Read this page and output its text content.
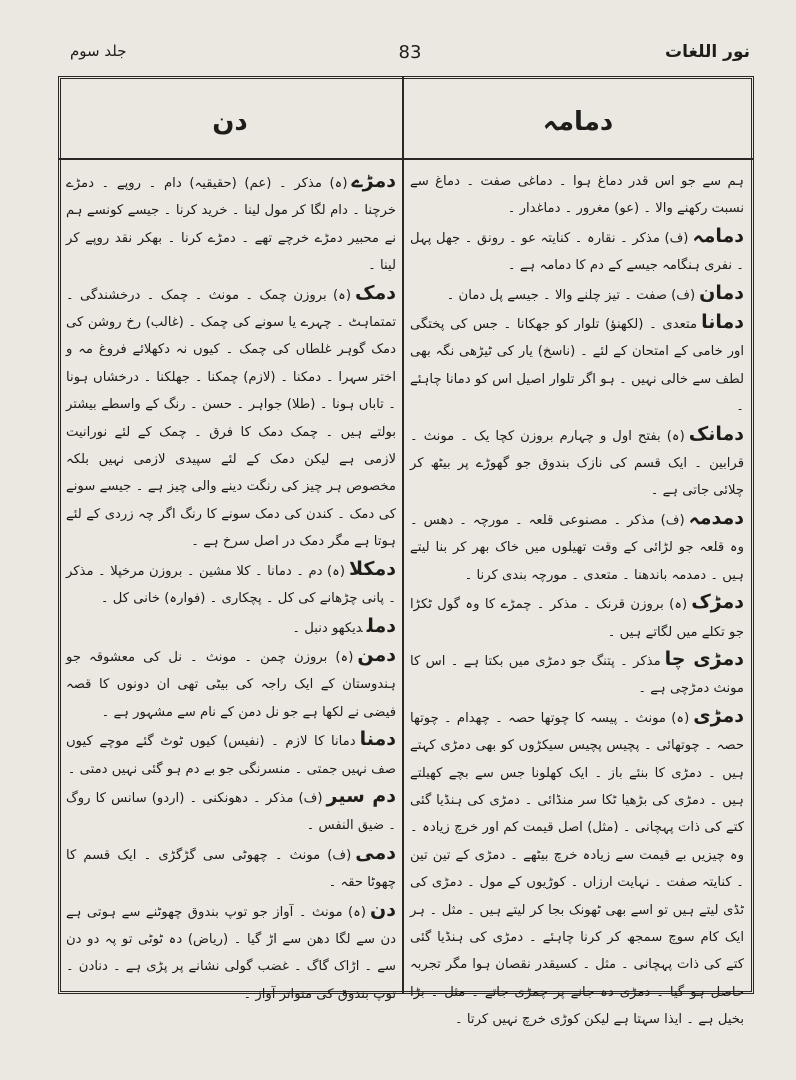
نور اللغات
83
جلد سوم
دمامہ
دن

ہم سے جو اس قدر دماغ ہوا ۔ دماغی صفت ۔ دماغ سے نسبت رکھنے والا ۔ (عو) مغرور ۔ دماغدار ۔

دمامہ(ف) مذکر ۔ نقارہ ۔ کنایتہ عو ۔ رونق ۔ جھل پہل ۔ نفری ہنگامہ جیسے کے دم کا دمامہ ہے ۔

دمان(ف) صفت ۔ تیز چلنے والا ۔ جیسے پل دمان ۔

دمانامتعدی ۔ (لکھنؤ) تلوار کو جھکانا ۔ جس کی پختگی اور خامی کے امتحان کے لئے ۔ (ناسخ) یار کی ٹیڑھی نگہ بھی لطف سے خالی نہیں ۔ ہو اگر تلوار اصیل اس کو دمانا چاہئے ۔

دمانک(ہ) بفتح اول و چہارم بروزن کچا یک ۔ مونث ۔ قرابین ۔ ایک قسم کی نازک بندوق جو گھوڑے پر بیٹھ کر چلائی جاتی ہے ۔

دمدمہ(ف) مذکر ۔ مصنوعی قلعہ ۔ مورچہ ۔ دھس ۔ وہ قلعہ جو لڑائی کے وقت تھیلوں میں خاک بھر کر بنا لیتے ہیں ۔ دمدمہ باندھنا ۔ متعدی ۔ مورچہ بندی کرنا ۔

دمڑک(ہ) بروزن قرنک ۔ مذکر ۔ چمڑے کا وہ گول ٹکڑا جو تکلے میں لگاتے ہیں ۔

دمڑی چامذکر ۔ پتنگ جو دمڑی میں بکتا ہے ۔ اس کا مونث دمڑچی ہے ۔

دمڑی(ہ) مونث ۔ پیسہ کا چوتھا حصہ ۔ چھدام ۔ چوتھا حصہ ۔ چوتھائی ۔ پچیس پچیس سیکڑوں کو بھی دمڑی کہتے ہیں ۔ دمڑی کا بنئے باز ۔ ایک کھلونا جس سے بچے کھیلتے ہیں ۔ دمڑی کی بڑھیا ٹکا سر منڈائی ۔ دمڑی کی ہنڈیا گئی کتے کی ذات پہچانی ۔ (مثل) اصل قیمت کم اور خرچ زیادہ ۔ وہ چیزیں بے قیمت سے زیادہ خرچ بیٹھے ۔ دمڑی کے تین تین ۔ کنایتہ صفت ۔ نہایت ارزاں ۔ کوڑیوں کے مول ۔ دمڑی کی ٹڈی لیتے ہیں تو اسے بھی ٹھونک بجا کر لیتے ہیں ۔ مثل ۔ ہر ایک کام سوچ سمجھ کر کرنا چاہئے ۔ دمڑی کی ہنڈیا گئی کتے کی ذات پہچانی ۔ مثل ۔ کسیقدر نقصان ہوا مگر تجربہ حاصل ہو گیا ۔ دمڑی دہ جانے پر چمڑی جاتے ۔ مثل ۔ بڑا بخیل ہے ۔ ایذا سہتا ہے لیکن کوڑی خرچ نہیں کرتا ۔

دمڑے(ہ) مذکر ۔ (عم) (حقیقیہ) دام ۔ روپے ۔ دمڑے خرچنا ۔ دام لگا کر مول لینا ۔ خرید کرنا ۔ جیسے کونسے ہم نے محبیر دمڑے خرچے تھے ۔ دمڑے کرنا ۔ بھکر نقد روپے کر لینا ۔

دمک(ہ) بروزن چمک ۔ مونث ۔ چمک ۔ درخشندگی ۔ تمتماہٹ ۔ چہرے یا سونے کی چمک ۔ (غالب) رخ روشن کی دمک گوہر غلطاں کی چمک ۔ کیوں نہ دکھلائے فروغ مہ و اختر سہرا ۔ دمکنا ۔ (لازم) چمکنا ۔ جھلکنا ۔ درخشاں ہونا ۔ تاباں ہونا ۔ (طلا) جواہر ۔ حسن ۔ رنگ کے واسطے بیشتر بولتے ہیں ۔ چمک دمک کا فرق ۔ چمک کے لئے نورانیت لازمی ہے لیکن دمک کے لئے سپیدی لازمی نہیں بلکہ مخصوص ہر چیز کی رنگت دینے والی چیز ہے ۔ جیسے سونے کی دمک ۔ کندن کی دمک سونے کا رنگ اگر چہ زردی کے لئے ہوتا ہے مگر دمک در اصل سرخ ہے ۔

دمکلا(ہ) دم ۔ دمانا ۔ کلا مشین ۔ بروزن مرخپلا ۔ مذکر ۔ پانی چڑھانے کی کل ۔ پچکاری ۔ (فوارہ) خانی کل ۔

دملدیکھو دنبل ۔

دمن(ہ) بروزن چمن ۔ مونث ۔ نل کی معشوقہ جو ہندوستان کے ایک راجہ کی بیٹی تھی ان دونوں کا قصہ فیضی نے لکھا ہے جو نل دمن کے نام سے مشہور ہے ۔

دمنادمانا کا لازم ۔ (نفیس) کیوں ٹوٹ گئے موچے کیوں صف نہیں جمتی ۔ منسرنگی جو بے دم ہو گئی نہیں دمتی ۔

دم سیر(ف) مذکر ۔ دھونکنی ۔ (اردو) سانس کا روگ ۔ ضیق النفس ۔

دمی(ف) مونث ۔ چھوٹی سی گڑگڑی ۔ ایک قسم کا چھوٹا حقہ ۔

دن(ہ) مونث ۔ آواز جو توپ بندوق چھوٹنے سے ہوتی ہے دن سے لگا دھن سے اڑ گیا ۔ (ریاض) دہ ٹوٹی تو پہ دو دن سے ۔ اڑاک گاگ ۔ غضب گولی نشانے پر پڑی ہے ۔ دنادن ۔ توپ بندوق کی متواتر آواز ۔
